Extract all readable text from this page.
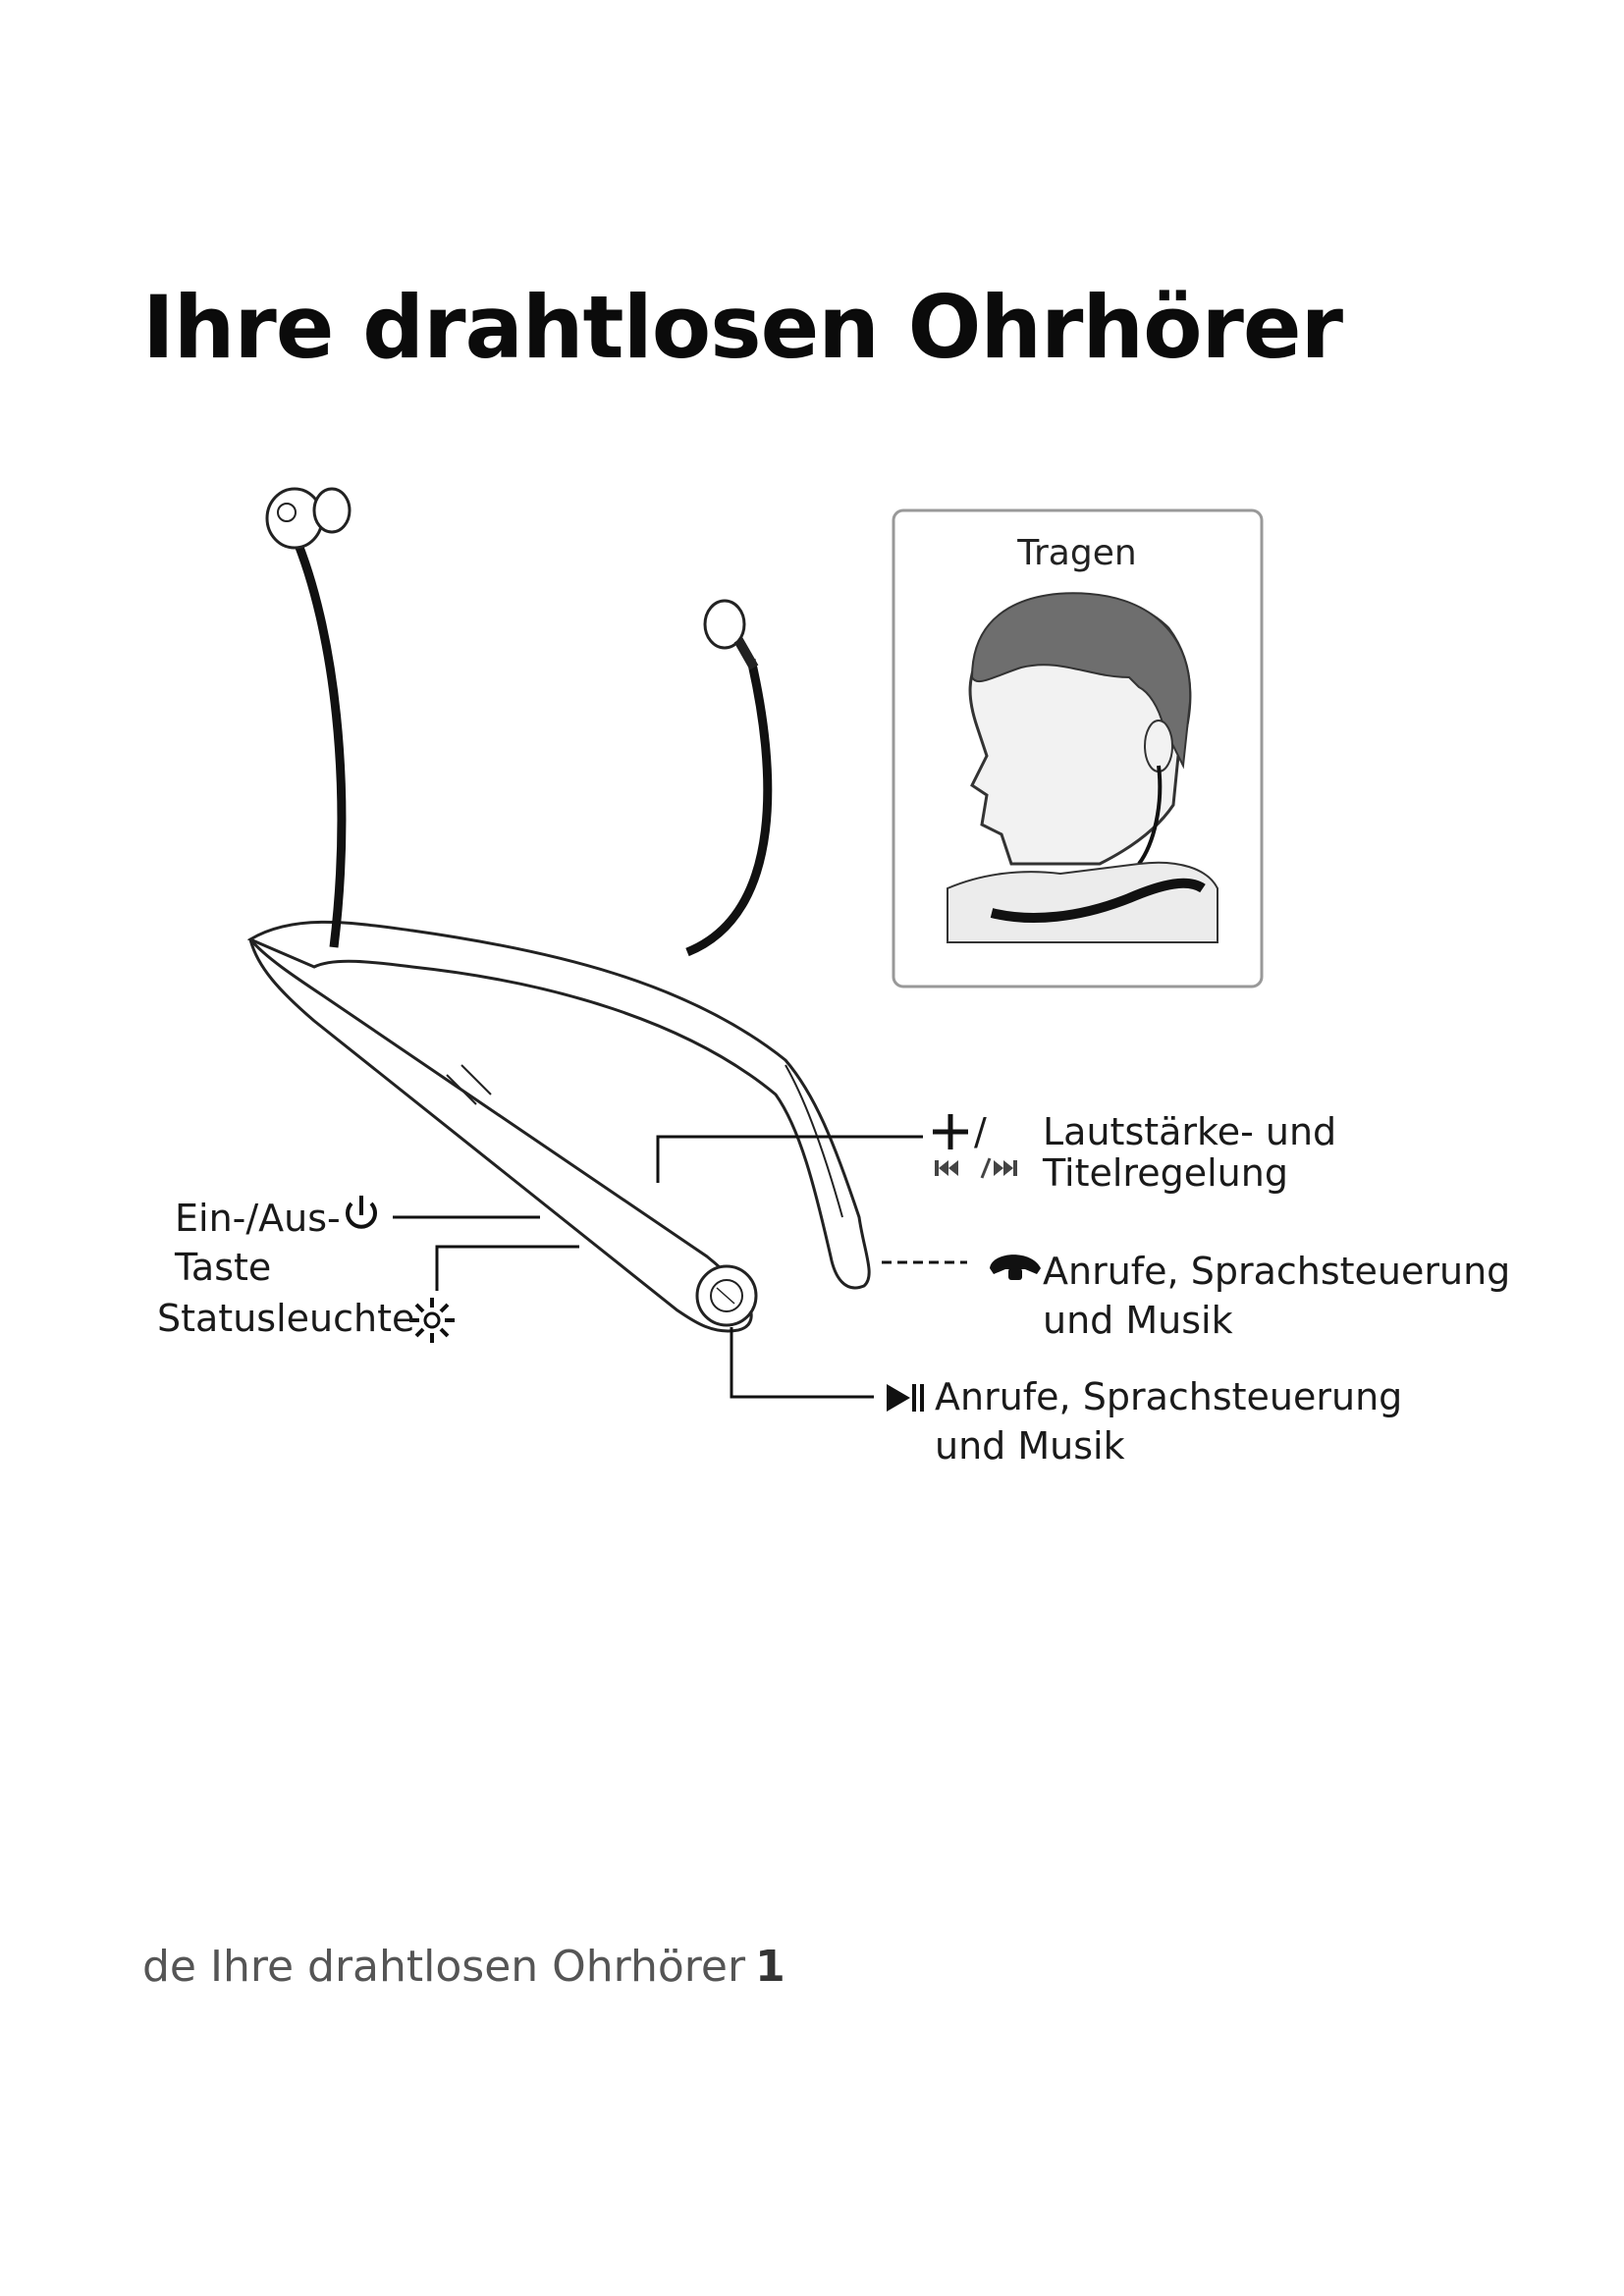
Ihre drahtlosen Ohrhörer
Tragen
Ein-/Aus-
Taste
Statusleuchte
/ Lautstärke- und
Titelregelung
Anrufe, Sprachsteuerung
und Musik
Anrufe, Sprachsteuerung
und Musik
de Ihre drahtlosen Ohrhörer 1
